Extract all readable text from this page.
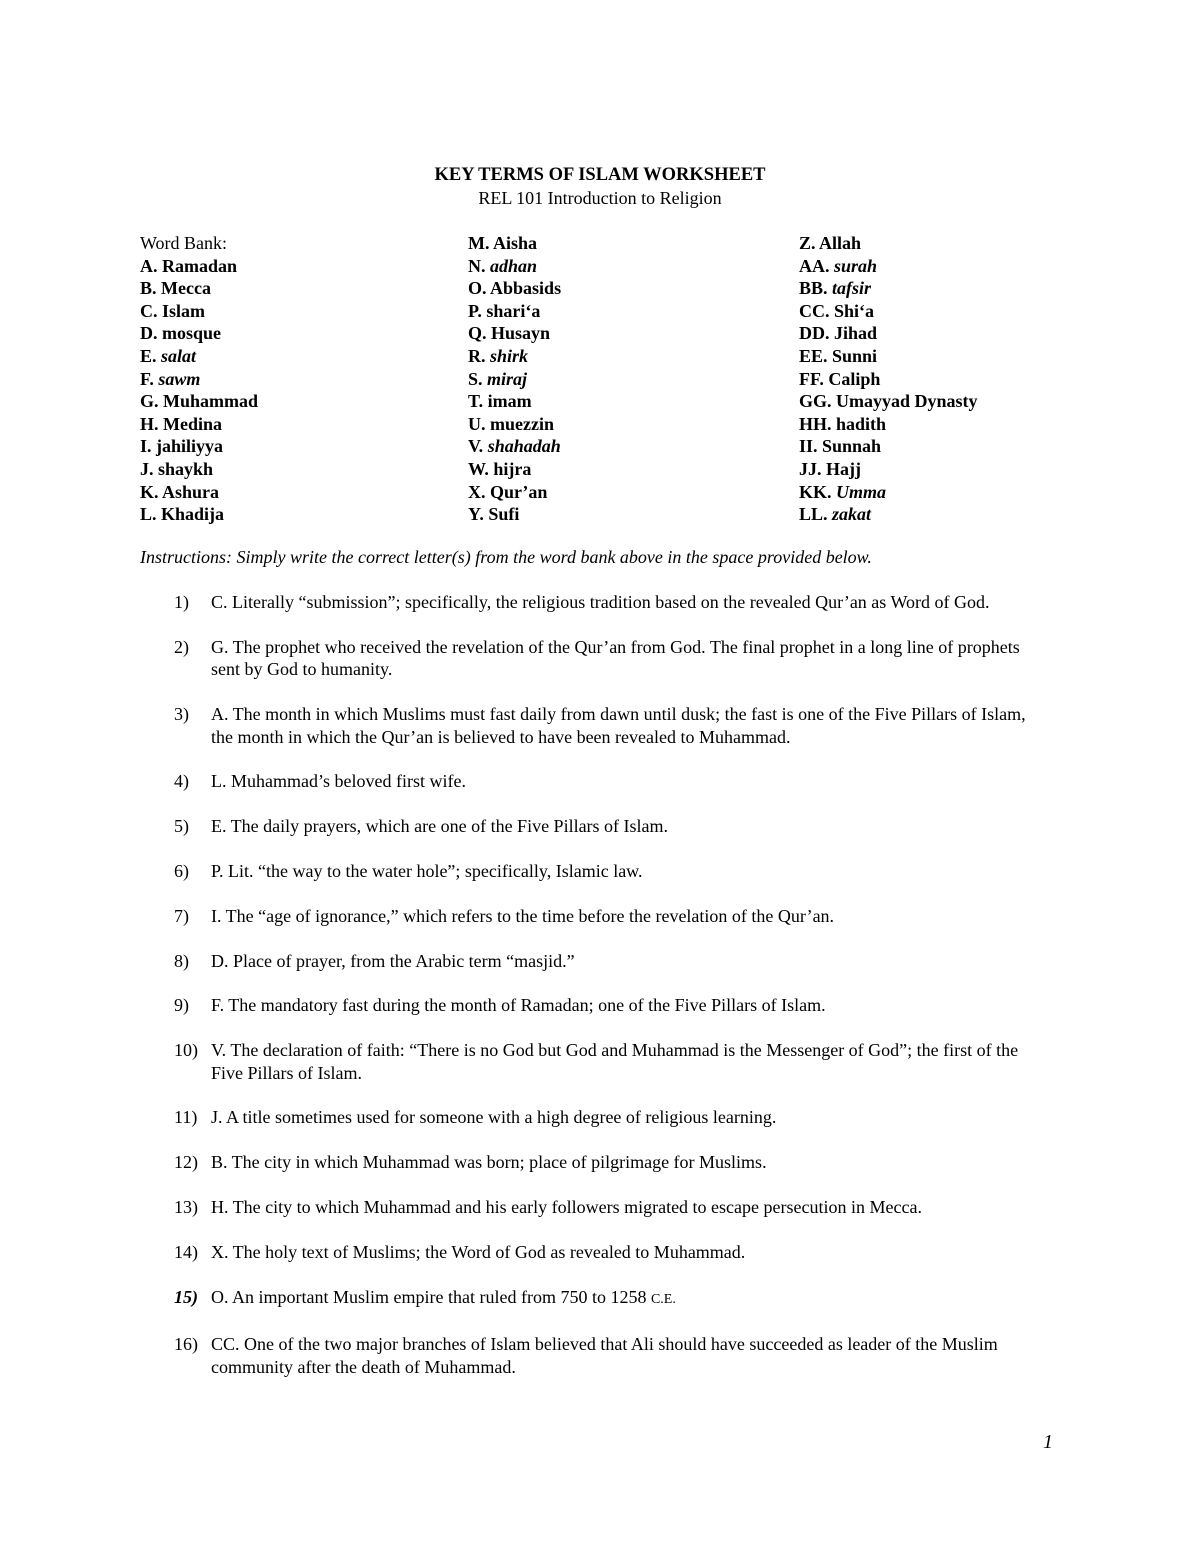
KEY TERMS OF ISLAM WORKSHEET
REL 101 Introduction to Religion
Word Bank:
A. Ramadan
B. Mecca
C. Islam
D. mosque
E. salat
F. sawm
G. Muhammad
H. Medina
I. jahiliyya
J. shaykh
K. Ashura
L. Khadija
M. Aisha
N. adhan
O. Abbasids
P. shari‘a
Q. Husayn
R. shirk
S. miraj
T. imam
U. muezzin
V. shahadah
W. hijra
X. Qur’an
Y. Sufi
Z. Allah
AA. surah
BB. tafsir
CC. Shi‘a
DD. Jihad
EE. Sunni
FF. Caliph
GG. Umayyad Dynasty
HH. hadith
II. Sunnah
JJ. Hajj
KK. Umma
LL. zakat
Instructions: Simply write the correct letter(s) from the word bank above in the space provided below.
1) C. Literally “submission”; specifically, the religious tradition based on the revealed Qur’an as Word of God.
2) G. The prophet who received the revelation of the Qur’an from God. The final prophet in a long line of prophets sent by God to humanity.
3) A. The month in which Muslims must fast daily from dawn until dusk; the fast is one of the Five Pillars of Islam, the month in which the Qur’an is believed to have been revealed to Muhammad.
4) L. Muhammad’s beloved first wife.
5) E. The daily prayers, which are one of the Five Pillars of Islam.
6) P. Lit. “the way to the water hole”; specifically, Islamic law.
7) I. The “age of ignorance,” which refers to the time before the revelation of the Qur’an.
8) D. Place of prayer, from the Arabic term “masjid.”
9) F. The mandatory fast during the month of Ramadan; one of the Five Pillars of Islam.
10) V. The declaration of faith: “There is no God but God and Muhammad is the Messenger of God”; the first of the Five Pillars of Islam.
11) J. A title sometimes used for someone with a high degree of religious learning.
12) B. The city in which Muhammad was born; place of pilgrimage for Muslims.
13) H. The city to which Muhammad and his early followers migrated to escape persecution in Mecca.
14) X. The holy text of Muslims; the Word of God as revealed to Muhammad.
15) O. An important Muslim empire that ruled from 750 to 1258 C.E.
16) CC. One of the two major branches of Islam believed that Ali should have succeeded as leader of the Muslim community after the death of Muhammad.
1
